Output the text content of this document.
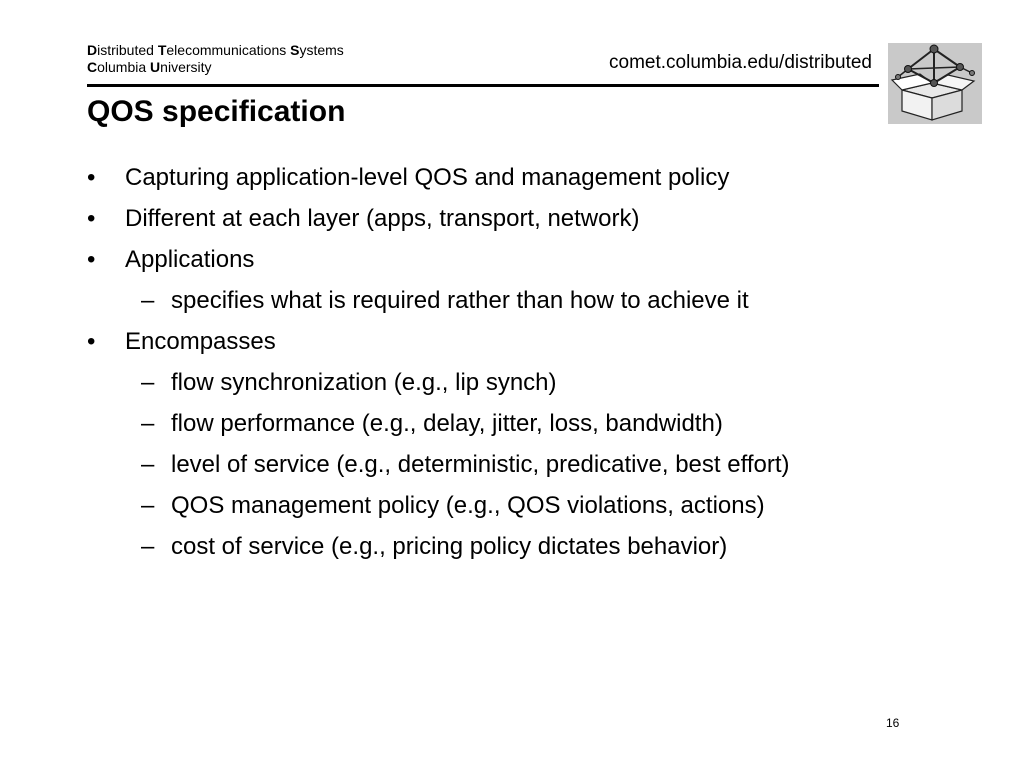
Distributed Telecommunications Systems
Columbia University	comet.columbia.edu/distributed
QOS specification
• Capturing application-level QOS and management policy
• Different at each layer (apps, transport, network)
• Applications
– specifies what is required rather than how to achieve it
• Encompasses
– flow synchronization (e.g., lip synch)
– flow performance (e.g., delay, jitter, loss, bandwidth)
– level of service (e.g., deterministic, predicative, best effort)
– QOS management policy (e.g., QOS violations, actions)
– cost of service (e.g., pricing policy dictates behavior)
16
